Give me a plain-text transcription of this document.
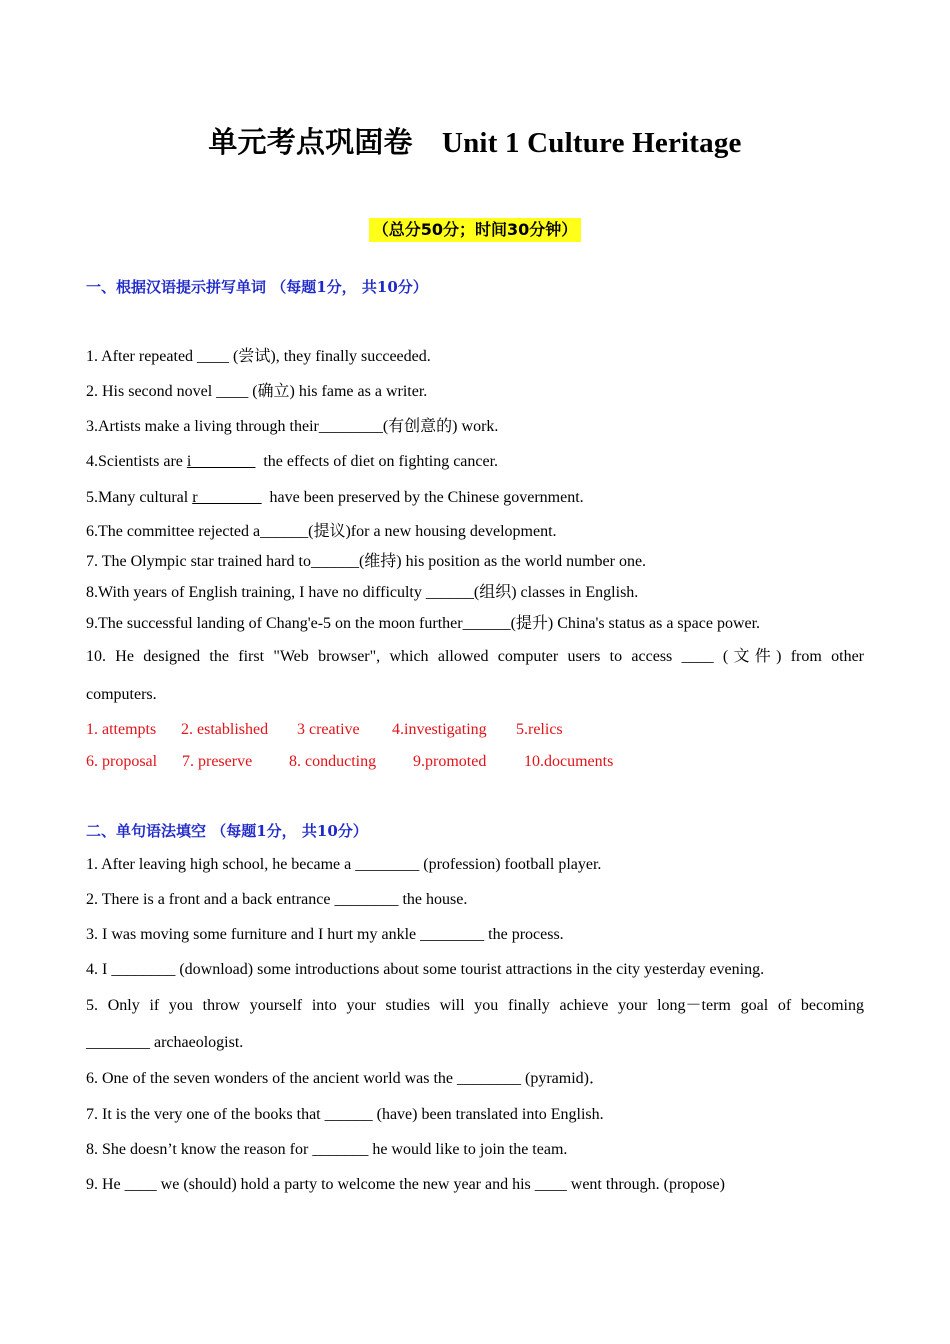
单元考点巩固卷　Unit 1 Culture Heritage
（总分50分；时间30分钟）
一、根据汉语提示拼写单词 （每题1分， 共10分）
1. After repeated ____ (尝试), they finally succeeded.
2. His second novel ____ (确立) his fame as a writer.
3.Artists make a living through their________(有创意的) work.
4.Scientists are i________  the effects of diet on fighting cancer.
5.Many cultural r________  have been preserved by the Chinese government.
6.The committee rejected a______(提议)for a new housing development.
7. The Olympic star trained hard to______(维持) his position as the world number one.
8.With years of English training, I have no difficulty ______(组织) classes in English.
9.The successful landing of Chang'e-5 on the moon further______(提升) China's status as a space power.
10. He designed the first "Web browser", which allowed computer users to access ____ (文件) from other
computers.
1. attempts 2. established 3 creative 4.investigating 5.relics
6. proposal 7. preserve 8. conducting 9.promoted 10.documents
二、单句语法填空 （每题1分， 共10分）
1. After leaving high school, he became a ________ (profession) football player.
2. There is a front and a back entrance ________ the house.
3. I was moving some furniture and I hurt my ankle ________ the process.
4. I ________ (download) some introductions about some tourist attractions in the city yesterday evening.
5. Only if you throw yourself into your studies will you finally achieve your long－term goal of becoming
________ archaeologist.
6. One of the seven wonders of the ancient world was the ________ (pyramid)．
7. It is the very one of the books that ______ (have) been translated into English.
8. She doesn’t know the reason for _______ he would like to join the team.
9. He ____ we (should) hold a party to welcome the new year and his ____ went through. (propose)
